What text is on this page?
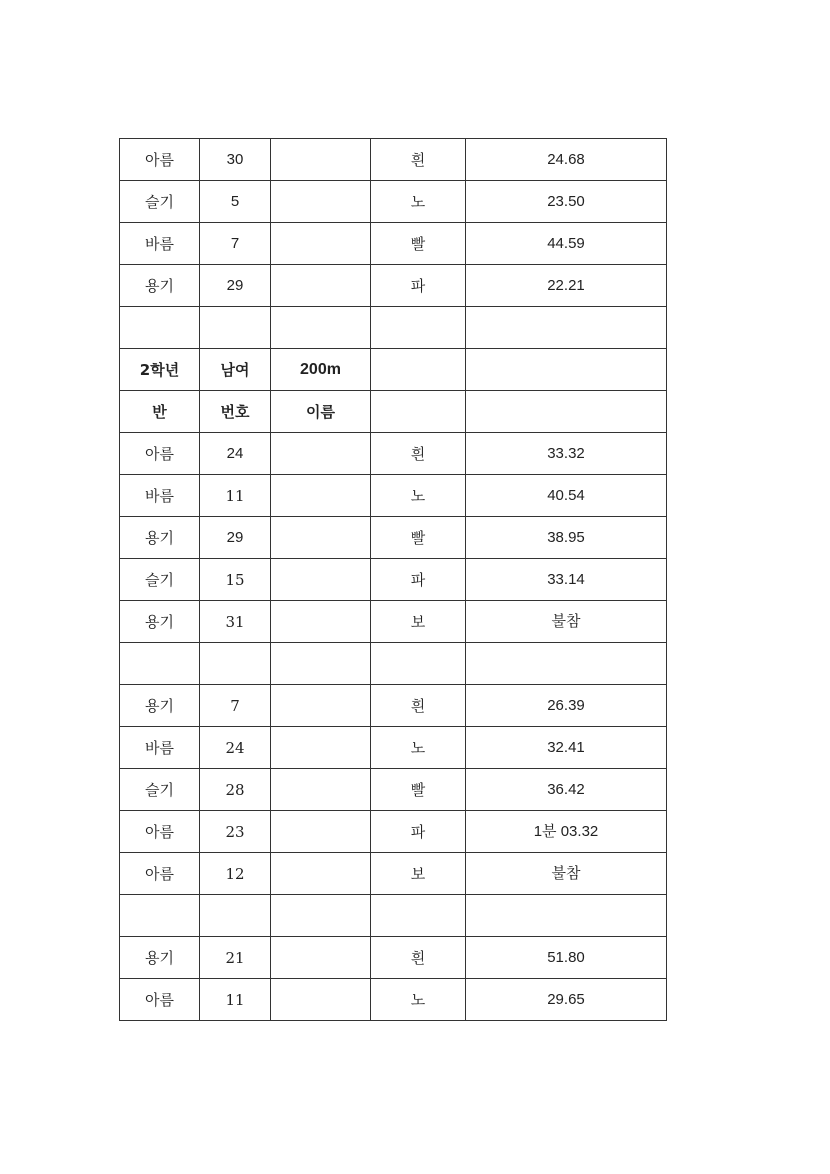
아름	30		흰	24.68
슬기	5		노	23.50
바름	7		빨	44.59
용기	29		파	22.21

2학년	남여	200m		
반	번호	이름		
아름	24		흰	33.32
바름	11		노	40.54
용기	29		빨	38.95
슬기	15		파	33.14
용기	31		보	불참

용기	7		흰	26.39
바름	24		노	32.41
슬기	28		빨	36.42
아름	23		파	1분 03.32
아름	12		보	불참

용기	21		흰	51.80
아름	11		노	29.65
